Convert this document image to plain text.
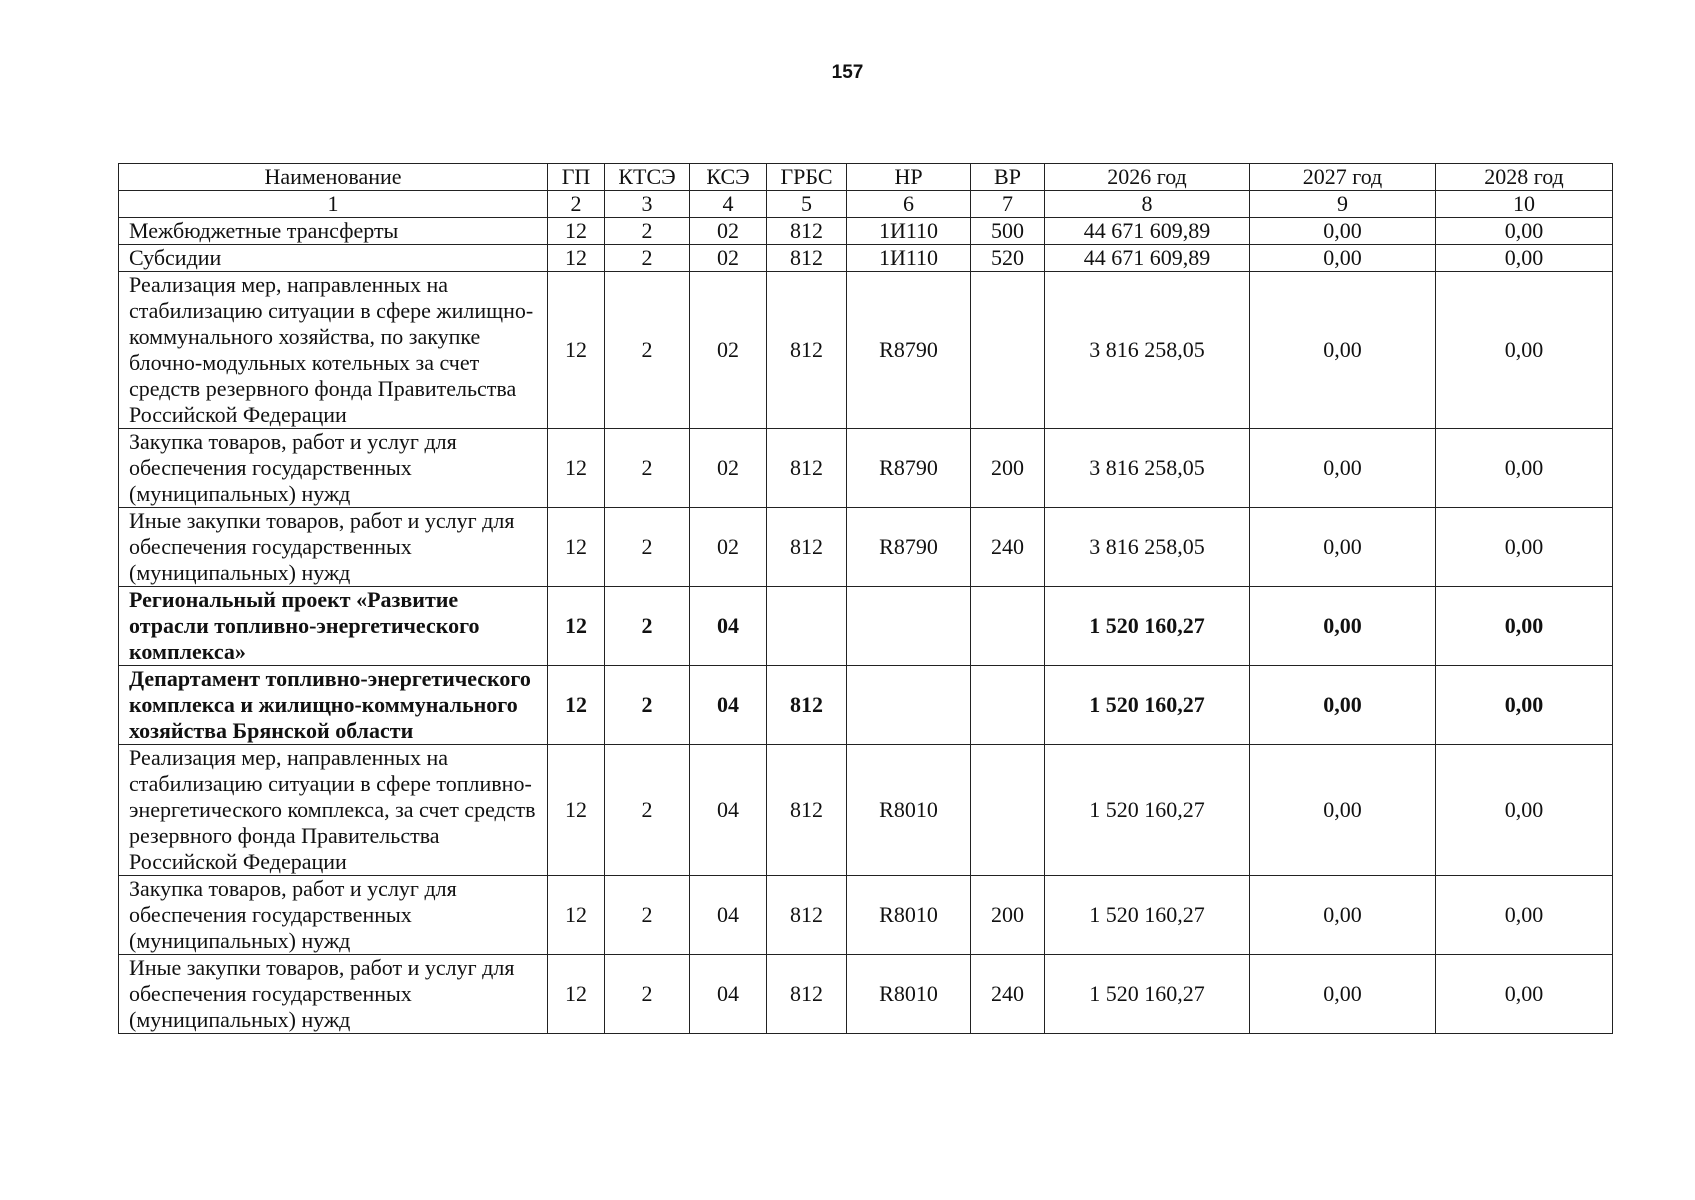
157
Наименование	ГП	КТСЭ	КСЭ	ГРБС	НР	ВР	2026 год	2027 год	2028 год
1	2	3	4	5	6	7	8	9	10
Межбюджетные трансферты	12	2	02	812	1И110	500	44 671 609,89	0,00	0,00
Субсидии	12	2	02	812	1И110	520	44 671 609,89	0,00	0,00
Реализация мер, направленных на стабилизацию ситуации в сфере жилищно-коммунального хозяйства, по закупке блочно-модульных котельных за счет средств резервного фонда Правительства Российской Федерации	12	2	02	812	R8790		3 816 258,05	0,00	0,00
Закупка товаров, работ и услуг для обеспечения государственных (муниципальных) нужд	12	2	02	812	R8790	200	3 816 258,05	0,00	0,00
Иные закупки товаров, работ и услуг для обеспечения государственных (муниципальных) нужд	12	2	02	812	R8790	240	3 816 258,05	0,00	0,00
Региональный проект «Развитие отрасли топливно-энергетического комплекса»	12	2	04				1 520 160,27	0,00	0,00
Департамент топливно-энергетического комплекса и жилищно-коммунального хозяйства Брянской области	12	2	04	812			1 520 160,27	0,00	0,00
Реализация мер, направленных на стабилизацию ситуации в сфере топливно-энергетического комплекса, за счет средств резервного фонда Правительства Российской Федерации	12	2	04	812	R8010		1 520 160,27	0,00	0,00
Закупка товаров, работ и услуг для обеспечения государственных (муниципальных) нужд	12	2	04	812	R8010	200	1 520 160,27	0,00	0,00
Иные закупки товаров, работ и услуг для обеспечения государственных (муниципальных) нужд	12	2	04	812	R8010	240	1 520 160,27	0,00	0,00
